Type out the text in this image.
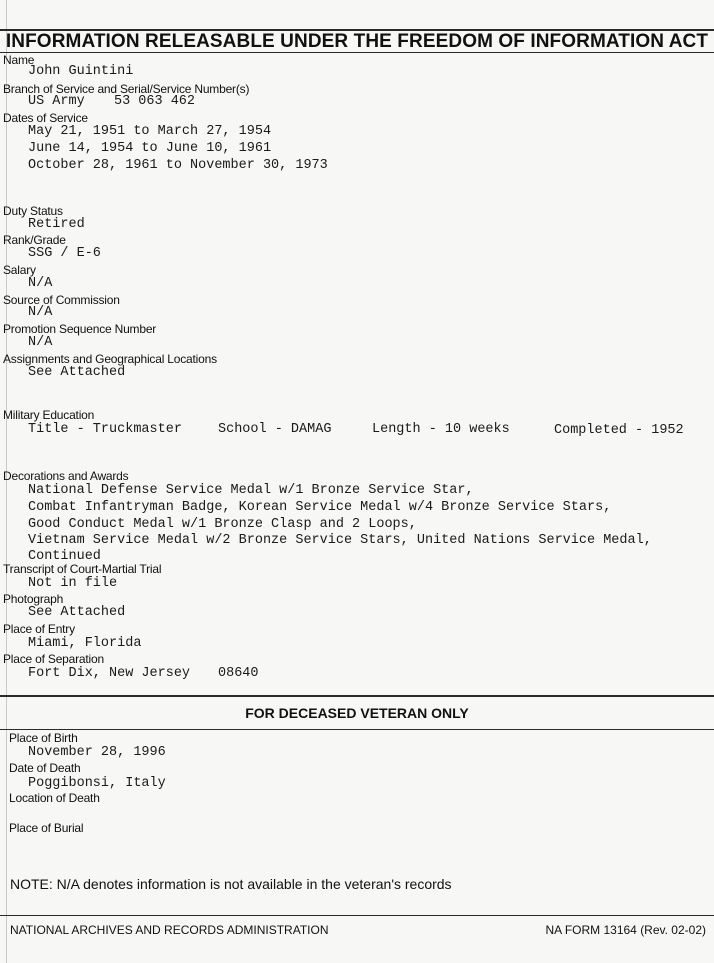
INFORMATION RELEASABLE UNDER THE FREEDOM OF INFORMATION ACT
Name
John Guintini
Branch of Service and Serial/Service Number(s)
US Army 53 063 462
Dates of Service
May 21, 1951 to March 27, 1954
June 14, 1954 to June 10, 1961
October 28, 1961 to November 30, 1973
Duty Status
Retired
Rank/Grade
SSG / E-6
Salary
N/A
Source of Commission
N/A
Promotion Sequence Number
N/A
Assignments and Geographical Locations
See Attached
Military Education
Title - Truckmaster	School - DAMAG	Length - 10 weeks	Completed - 1952
Decorations and Awards
National Defense Service Medal w/1 Bronze Service Star,
Combat Infantryman Badge, Korean Service Medal w/4 Bronze Service Stars,
Good Conduct Medal w/1 Bronze Clasp and 2 Loops,
Vietnam Service Medal w/2 Bronze Service Stars, United Nations Service Medal,
Continued
Transcript of Court-Martial Trial
Not in file
Photograph
See Attached
Place of Entry
Miami, Florida
Place of Separation
Fort Dix, New Jersey 08640
FOR DECEASED VETERAN ONLY
Place of Birth
November 28, 1996
Date of Death
Poggibonsi, Italy
Location of Death
Place of Burial
NOTE: N/A denotes information is not available in the veteran's records
NATIONAL ARCHIVES AND RECORDS ADMINISTRATION	NA FORM 13164 (Rev. 02-02)
